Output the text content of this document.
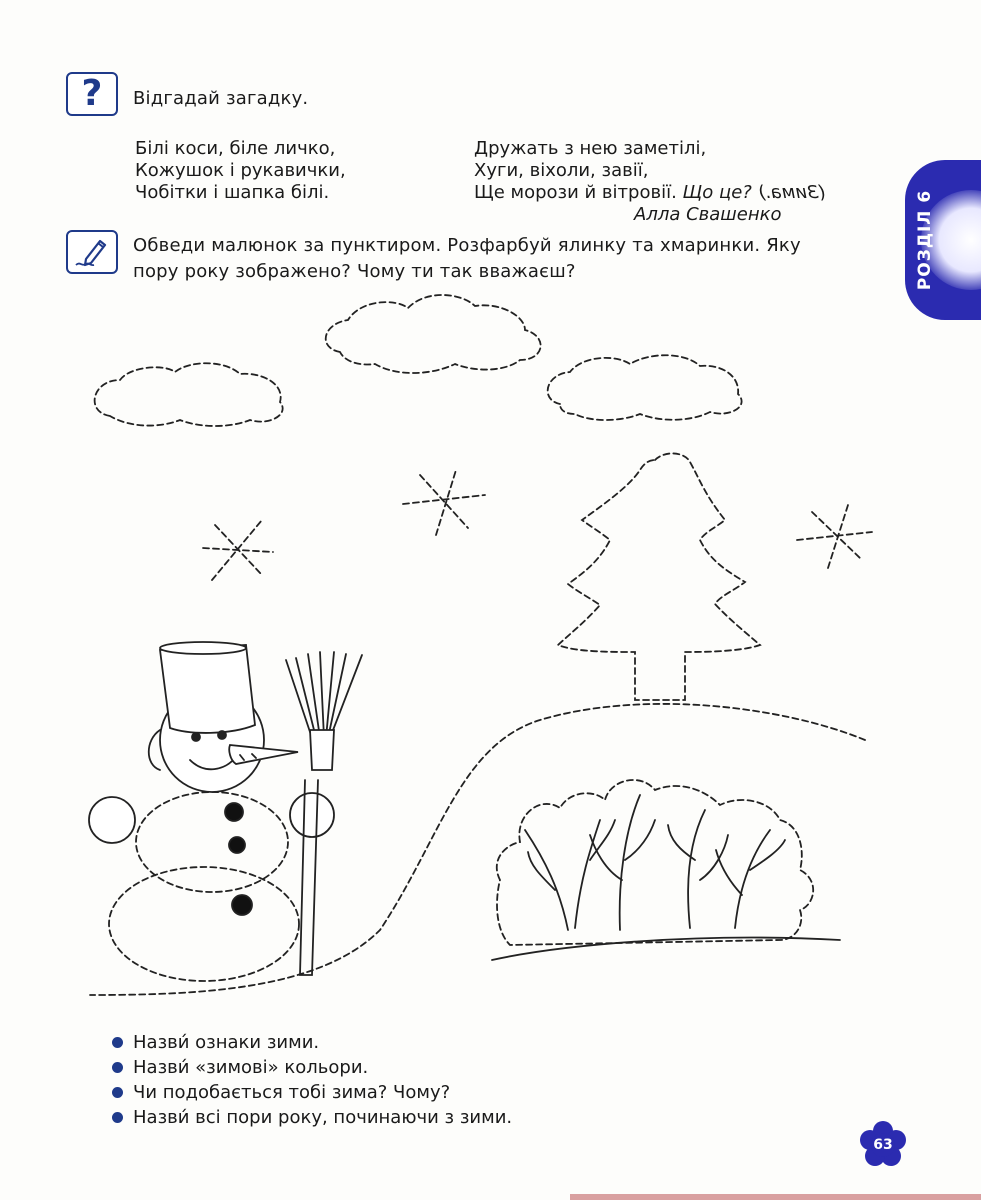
? Відгадай загадку.
Білі коси, біле личко,
Кожушок і рукавички,
Чобітки і шапка білі.
Дружать з нею заметілі,
Хуги, віхоли, завії,
Ще морози й вітровії. Що це? (Зима.)
Алла Свашенко
Обведи малюнок за пунктиром. Розфарбуй ялинку та хмаринки. Яку
пору року зображено? Чому ти так вважаєш?	РОЗДІЛ 6
Назви́ ознаки зими.
Назви́ «зимові» кольори.
Чи подобається тобі зима? Чому?
Назви́ всі пори року, починаючи з зими.
63
